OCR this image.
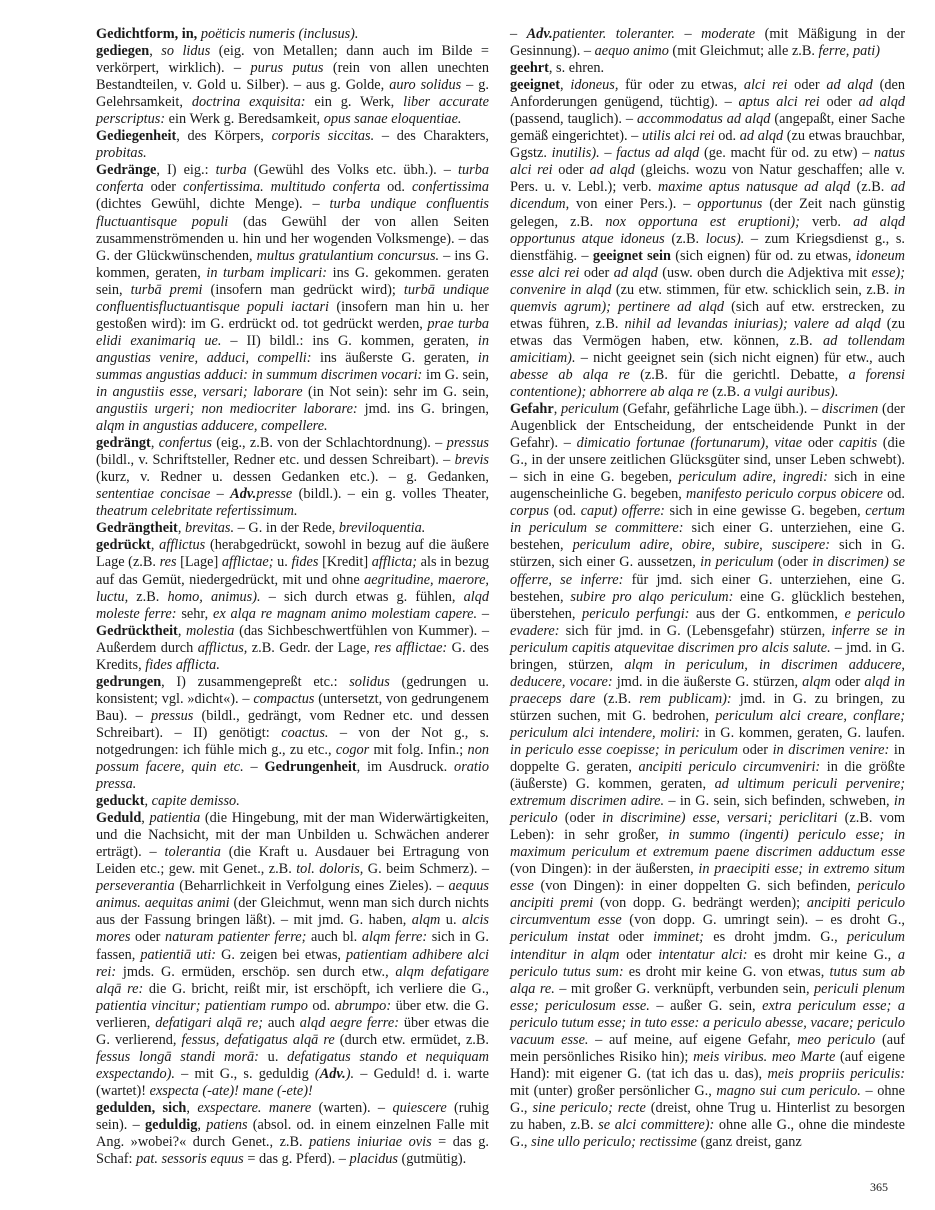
Gedichtform, in, poëticis numeris (inclusus).

gediegen, so lidus (eig. von Metallen; dann auch im Bilde = verkörpert, wirklich). – purus putus (rein von allen unechten Bestandteilen, v. Gold u. Silber). – aus g. Golde, auro solidus – g. Gelehrsamkeit, doctrina exquisita: ein g. Werk, liber accurate perscriptus: ein Werk g. Beredsamkeit, opus sanae eloquentiae.

Gediegenheit, des Körpers, corporis siccitas. – des Charakters, probitas.

Gedränge, I) eig.: turba (Gewühl des Volks etc. übh.). – turba conferta oder confertissima. multitudo conferta od. confertissima (dichtes Gewühl, dichte Menge). – turba undique confluentis fluctuantisque populi (das Gewühl der von allen Seiten zusammenströmenden u. hin und her wogenden Volksmenge). – das G. der Glückwünschenden, multus gratulantium concursus. – ins G. kommen, geraten, in turbam implicari: ins G. gekommen. geraten sein, turbā premi (insofern man gedrückt wird); turbā undique confluentisfluctuantisque populi iactari (insofern man hin u. her gestoßen wird): im G. erdrückt od. tot gedrückt werden, prae turba elidi exanimariq ue. – II) bildl.: ins G. kommen, geraten, in angustias venire, adduci, compelli: ins äußerste G. geraten, in summas angustias adduci: in summum discrimen vocari: im G. sein, in angustiis esse, versari; laborare (in Not sein): sehr im G. sein, angustiis urgeri; non mediocriter laborare: jmd. ins G. bringen, alqm in angustias adducere, compellere.

gedrängt, confertus (eig., z.B. von der Schlachtordnung). – pressus (bildl., v. Schriftsteller, Redner etc. und dessen Schreibart). – brevis (kurz, v. Redner u. dessen Gedanken etc.). – g. Gedanken, sententiae concisae – Adv.presse (bildl.). – ein g. volles Theater, theatrum celebritate refertissimum.

Gedrängtheit, brevitas. – G. in der Rede, breviloquentia.

gedrückt, afflictus (herabgedrückt, sowohl in bezug auf die äußere Lage (z.B. res [Lage] afflictae; u. fides [Kredit] afflicta; als in bezug auf das Gemüt, niedergedrückt, mit und ohne aegritudine, maerore, luctu, z.B. homo, animus). – sich durch etwas g. fühlen, alqd moleste ferre: sehr, ex alqa re magnam animo molestiam capere. – Gedrücktheit, molestia (das Sichbeschwertfühlen von Kummer). – Außerdem durch afflictus, z.B. Gedr. der Lage, res afflictae: G. des Kredits, fides afflicta.

gedrungen, I) zusammengepreßt etc.: solidus (gedrungen u. konsistent; vgl. »dicht«). – compactus (untersetzt, von gedrungenem Bau). – pressus (bildl., gedrängt, vom Redner etc. und dessen Schreibart). – II) genötigt: coactus. – von der Not g., s. notgedrungen: ich fühle mich g., zu etc., cogor mit folg. Infin.; non possum facere, quin etc. – Gedrungenheit, im Ausdruck. oratio pressa.

geduckt, capite demisso.

Geduld, patientia (die Hingebung, mit der man Widerwärtigkeiten, und die Nachsicht, mit der man Unbilden u. Schwächen anderer erträgt). – tolerantia (die Kraft u. Ausdauer bei Ertragung von Leiden etc.; gew. mit Genet., z.B. tol. doloris, G. beim Schmerz). – perseverantia (Beharrlichkeit in Verfolgung eines Zieles). – aequus animus. aequitas animi (der Gleichmut, wenn man sich durch nichts aus der Fassung bringen läßt). – mit jmd. G. haben, alqm u. alcis mores oder naturam patienter ferre; auch bl. alqm ferre: sich in G. fassen, patientiā uti: G. zeigen bei etwas, patientiam adhibere alci rei: jmds. G. ermüden, erschöp. sen durch etw., alqm defatigare alqā re: die G. bricht, reißt mir, ist erschöpft, ich verliere die G., patientia vincitur; patientiam rumpo od. abrumpo: über etw. die G. verlieren, defatigari alqā re; auch alqd aegre ferre: über etwas die G. verlierend, fessus, defatigatus alqā re (durch etw. ermüdet, z.B. fessus longā standi morā: u. defatigatus stando et nequiquam exspectando). – mit G., s. geduldig (Adv.). – Geduld! d. i. warte (wartet)! exspecta (-ate)! mane (-ete)!

gedulden, sich, exspectare. manere (warten). – quiescere (ruhig sein). – geduldig, patiens (absol. od. in einem einzelnen Falle mit Ang. »wobei?« durch Genet., z.B. patiens iniuriae ovis = das g. Schaf: pat. sessoris equus = das g. Pferd). – placidus (gutmütig).

– Adv.patienter. toleranter. – moderate (mit Mäßigung in der Gesinnung). – aequo animo (mit Gleichmut; alle z.B. ferre, pati)

geehrt, s. ehren.

geeignet, idoneus, für oder zu etwas, alci rei oder ad alqd (den Anforderungen genügend, tüchtig). – aptus alci rei oder ad alqd (passend, tauglich). – accommodatus ad alqd (angepaßt, einer Sache gemäß eingerichtet). – utilis alci rei od. ad alqd (zu etwas brauchbar, Ggstz. inutilis). – factus ad alqd (ge. macht für od. zu etw) – natus alci rei oder ad alqd (gleichs. wozu von Natur geschaffen; alle v. Pers. u. v. Lebl.); verb. maxime aptus natusque ad alqd (z.B. ad dicendum, von einer Pers.). – opportunus (der Zeit nach günstig gelegen, z.B. nox opportuna est eruptioni); verb. ad alqd opportunus atque idoneus (z.B. locus). – zum Kriegsdienst g., s. dienstfähig. – geeignet sein (sich eignen) für od. zu etwas, idoneum esse alci rei oder ad alqd (usw. oben durch die Adjektiva mit esse); convenire in alqd (zu etw. stimmen, für etw. schicklich sein, z.B. in quemvis agrum); pertinere ad alqd (sich auf etw. erstrecken, zu etwas führen, z.B. nihil ad levandas iniurias); valere ad alqd (zu etwas das Vermögen haben, etw. können, z.B. ad tollendam amicitiam). – nicht geeignet sein (sich nicht eignen) für etw., auch abesse ab alqa re (z.B. für die gerichtl. Debatte, a forensi contentione); abhorrere ab alqa re (z.B. a vulgi auribus).

Gefahr, periculum (Gefahr, gefährliche Lage übh.). – discrimen (der Augenblick der Entscheidung, der entscheidende Punkt in der Gefahr). – dimicatio fortunae (fortunarum), vitae oder capitis (die G., in der unsere zeitlichen Glücksgüter sind, unser Leben schwebt). – sich in eine G. begeben, periculum adire, ingredi: sich in eine augenscheinliche G. begeben, manifesto periculo corpus obicere od. corpus (od. caput) offerre: sich in eine gewisse G. begeben, certum in periculum se committere: sich einer G. unterziehen, eine G. bestehen, periculum adire, obire, subire, suscipere: sich in G. stürzen, sich einer G. aussetzen, in periculum (oder in discrimen) se offerre, se inferre: für jmd. sich einer G. unterziehen, eine G. bestehen, subire pro alqo periculum: eine G. glücklich bestehen, überstehen, periculo perfungi: aus der G. entkommen, e periculo evadere: sich für jmd. in G. (Lebensgefahr) stürzen, inferre se in periculum capitis atquevitae discrimen pro alcis salute. – jmd. in G. bringen, stürzen, alqm in periculum, in discrimen adducere, deducere, vocare: jmd. in die äußerste G. stürzen, alqm oder alqd in praeceps dare (z.B. rem publicam): jmd. in G. zu bringen, zu stürzen suchen, mit G. bedrohen, periculum alci creare, conflare; periculum alci intendere, moliri: in G. kommen, geraten, G. laufen. in periculo esse coepisse; in periculum oder in discrimen venire: in doppelte G. geraten, ancipiti periculo circumveniri: in die größte (äußerste) G. kommen, geraten, ad ultimum periculi pervenire; extremum discrimen adire. – in G. sein, sich befinden, schweben, in periculo (oder in discrimine) esse, versari; periclitari (z.B. vom Leben): in sehr großer, in summo (ingenti) periculo esse; in maximum periculum et extremum paene discrimen adductum esse (von Dingen): in der äußersten, in praecipiti esse; in extremo situm esse (von Dingen): in einer doppelten G. sich befinden, periculo ancipiti premi (von dopp. G. bedrängt werden); ancipiti periculo circumventum esse (von dopp. G. umringt sein). – es droht G., periculum instat oder imminet; es droht jmdm. G., periculum intenditur in alqm oder intentatur alci: es droht mir keine G., a periculo tutus sum: es droht mir keine G. von etwas, tutus sum ab alqa re. – mit großer G. verknüpft, verbunden sein, periculi plenum esse; periculosum esse. – außer G. sein, extra periculum esse; a periculo tutum esse; in tuto esse: a periculo abesse, vacare; periculo vacuum esse. – auf meine, auf eigene Gefahr, meo periculo (auf mein persönliches Risiko hin); meis viribus. meo Marte (auf eigene Hand): mit eigener G. (tat ich das u. das), meis propriis periculis: mit (unter) großer persönlicher G., magno sui cum periculo. – ohne G., sine periculo; recte (dreist, ohne Trug u. Hinterlist zu besorgen zu haben, z.B. se alci committere): ohne alle G., ohne die mindeste G., sine ullo periculo; rectissime (ganz dreist, ganz

365
